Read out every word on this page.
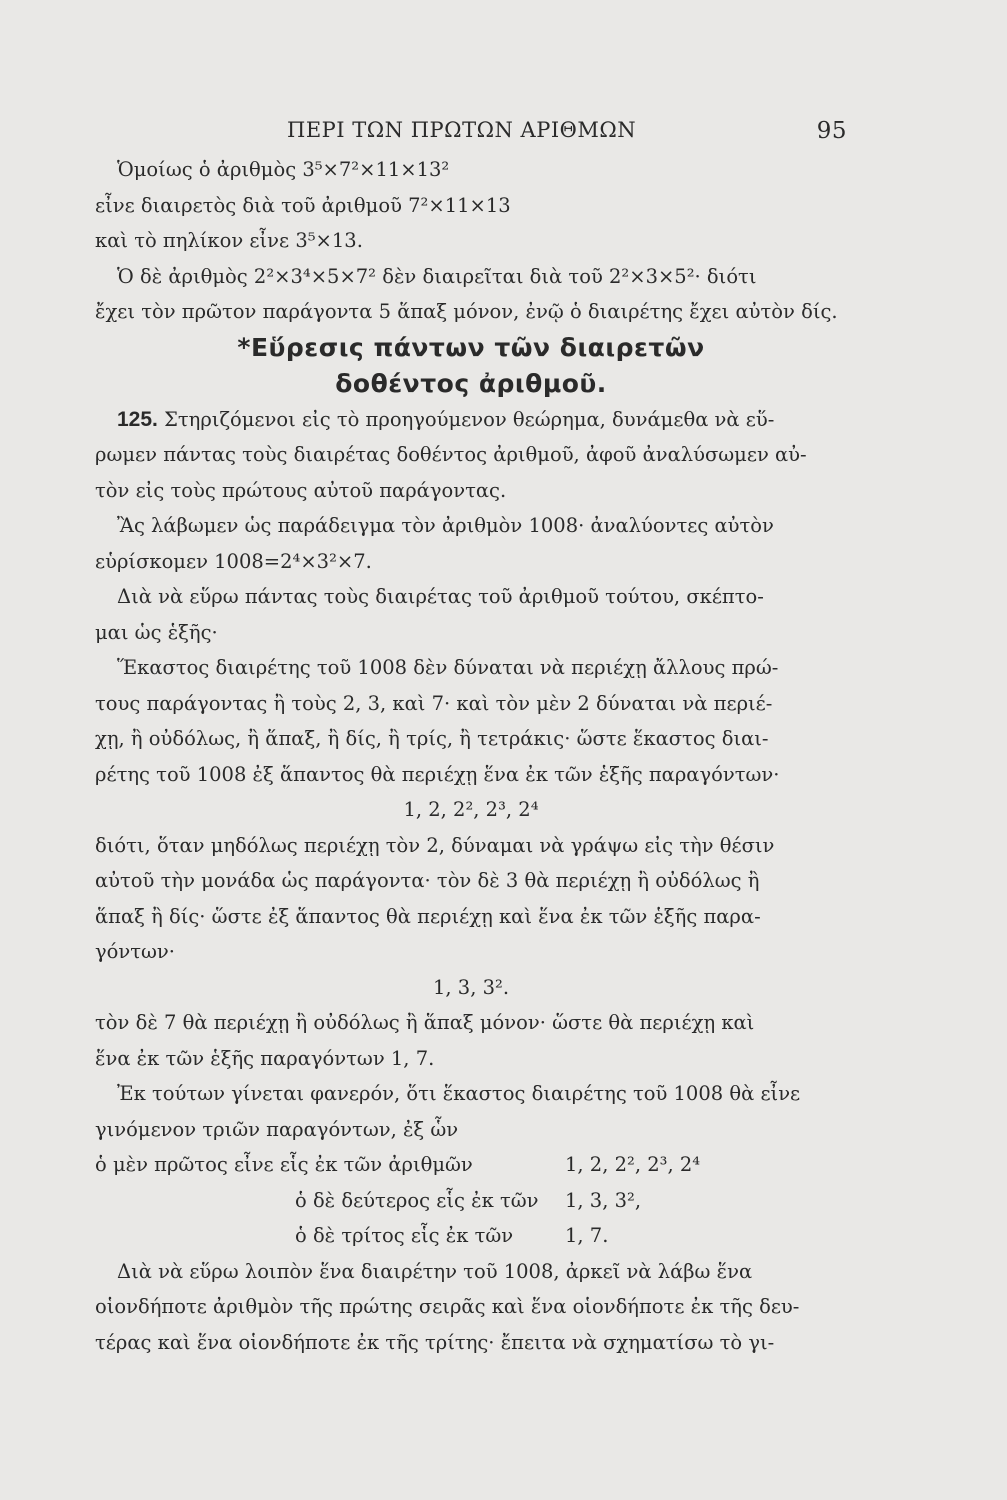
ΠΕΡΙ ΤΩΝ ΠΡΩΤΩΝ ΑΡΙΘΜΩΝ	95
Ὁμοίως ὁ ἀριθμὸς 3⁵×7²×11×13²
εἶνε διαιρετὸς διὰ τοῦ ἀριθμοῦ 7²×11×13
καὶ τὸ πηλίκον εἶνε 3⁵×13.
Ὁ δὲ ἀριθμὸς 2²×3⁴×5×7² δὲν διαιρεῖται διὰ τοῦ 2²×3×5²· διότι
ἔχει τὸν πρῶτον παράγοντα 5 ἅπαξ μόνον, ἐνῷ ὁ διαιρέτης ἔχει αὐτὸν δίς.
*Εὕρεσις πάντων τῶν διαιρετῶν
δοθέντος ἀριθμοῦ.
125. Στηριζόμενοι εἰς τὸ προηγούμενον θεώρημα, δυνάμεθα νὰ εὕ-
ρωμεν πάντας τοὺς διαιρέτας δοθέντος ἀριθμοῦ, ἀφοῦ ἀναλύσωμεν αὐ-
τὸν εἰς τοὺς πρώτους αὐτοῦ παράγοντας.
Ἂς λάβωμεν ὡς παράδειγμα τὸν ἀριθμὸν 1008· ἀναλύοντες αὐτὸν
εὑρίσκομεν 1008=2⁴×3²×7.
Διὰ νὰ εὕρω πάντας τοὺς διαιρέτας τοῦ ἀριθμοῦ τούτου, σκέπτο-
μαι ὡς ἑξῆς·
Ἕκαστος διαιρέτης τοῦ 1008 δὲν δύναται νὰ περιέχῃ ἄλλους πρώ-
τους παράγοντας ἢ τοὺς 2, 3, καὶ 7· καὶ τὸν μὲν 2 δύναται νὰ περιέ-
χῃ, ἢ οὐδόλως, ἢ ἅπαξ, ἢ δίς, ἢ τρίς, ἢ τετράκις· ὥστε ἕκαστος διαι-
ρέτης τοῦ 1008 ἐξ ἅπαντος θὰ περιέχῃ ἕνα ἐκ τῶν ἑξῆς παραγόντων·
1, 2, 2², 2³, 2⁴
διότι, ὅταν μηδόλως περιέχῃ τὸν 2, δύναμαι νὰ γράψω εἰς τὴν θέσιν
αὐτοῦ τὴν μονάδα ὡς παράγοντα· τὸν δὲ 3 θὰ περιέχῃ ἢ οὐδόλως ἢ
ἅπαξ ἢ δίς· ὥστε ἐξ ἅπαντος θὰ περιέχῃ καὶ ἕνα ἐκ τῶν ἑξῆς παρα-
γόντων·
1, 3, 3².
τὸν δὲ 7 θὰ περιέχῃ ἢ οὐδόλως ἢ ἅπαξ μόνον· ὥστε θὰ περιέχῃ καὶ
ἕνα ἐκ τῶν ἑξῆς παραγόντων 1, 7.
Ἐκ τούτων γίνεται φανερόν, ὅτι ἕκαστος διαιρέτης τοῦ 1008 θὰ εἶνε
γινόμενον τριῶν παραγόντων, ἐξ ὧν
ὁ μὲν πρῶτος εἶνε εἷς ἐκ τῶν ἀριθμῶν	1, 2, 2², 2³, 2⁴
ὁ δὲ δεύτερος εἷς ἐκ τῶν	1, 3, 3²,
ὁ δὲ τρίτος εἷς ἐκ τῶν	1, 7.
Διὰ νὰ εὕρω λοιπὸν ἕνα διαιρέτην τοῦ 1008, ἀρκεῖ νὰ λάβω ἕνα
οἱονδήποτε ἀριθμὸν τῆς πρώτης σειρᾶς καὶ ἕνα οἱονδήποτε ἐκ τῆς δευ-
τέρας καὶ ἕνα οἱονδήποτε ἐκ τῆς τρίτης· ἔπειτα νὰ σχηματίσω τὸ γι-
